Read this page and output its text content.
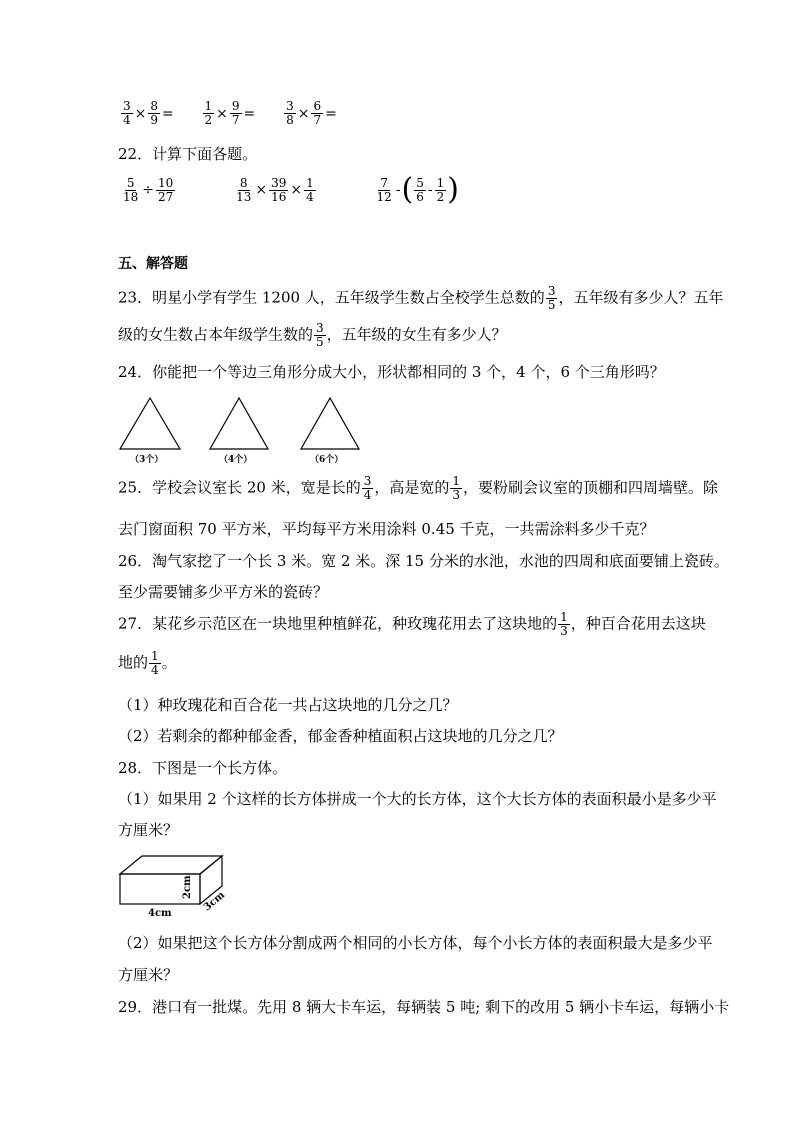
$\frac{3}{4} \times \frac{8}{9} = \frac{1}{2} \times \frac{9}{7} = \frac{3}{8} \times \frac{6}{7}$ =
22．计算下面各题。
$\frac{5}{18} \div \frac{10}{27}$
	$\frac{8}{13} \times \frac{39}{16} \times \frac{1}{4}$
	$\frac{7}{12}$ -( $\frac{5}{6} - \frac{1}{2}$ )
五、解答题
23．明星小学有学生 1200 人，五年级学生数占全校学生总数的 $\frac{3}{5}$ ，五年级有多少人？五年
级的女生数占本年级学生数的 $\frac{3}{5}$ ，五年级的女生有多少人？
24．你能把一个等边三角形分成大小，形状都相同的 3 个，4 个，6 个三角形吗？
（3个）	（4个）	（6个）
25．学校会议室长 20 米，宽是长的 $\frac{3}{4}$ ，高是宽的 $\frac{1}{3}$ ，要粉刷会议室的顶棚和四周墙壁。除
去门窗面积 70 平方米，平均每平方米用涂料 0.45 千克，一共需涂料多少千克？
26．淘气家挖了一个长 3 米。宽 2 米。深 15 分米的水池，水池的四周和底面要铺上瓷砖。
至少需要铺多少平方米的瓷砖？
27．某花乡示范区在一块地里种植鲜花，种玫瑰花用去了这块地的 $\frac{1}{3}$ ，种百合花用去这块
地的 $\frac{1}{4}$ 。
（1）种玫瑰花和百合花一共占这块地的几分之几？
（2）若剩余的都种郁金香，郁金香种植面积占这块地的几分之几？
28．下图是一个长方体。
（1）如果用 2 个这样的长方体拼成一个大的长方体，这个大长方体的表面积最小是多少平
方厘米？
4cm
2cm
3cm
（2）如果把这个长方体分割成两个相同的小长方体，每个小长方体的表面积最大是多少平
方厘米？
29．港口有一批煤。先用 8 辆大卡车运，每辆装 5 吨; 剩下的改用 5 辆小卡车运，每辆小卡
